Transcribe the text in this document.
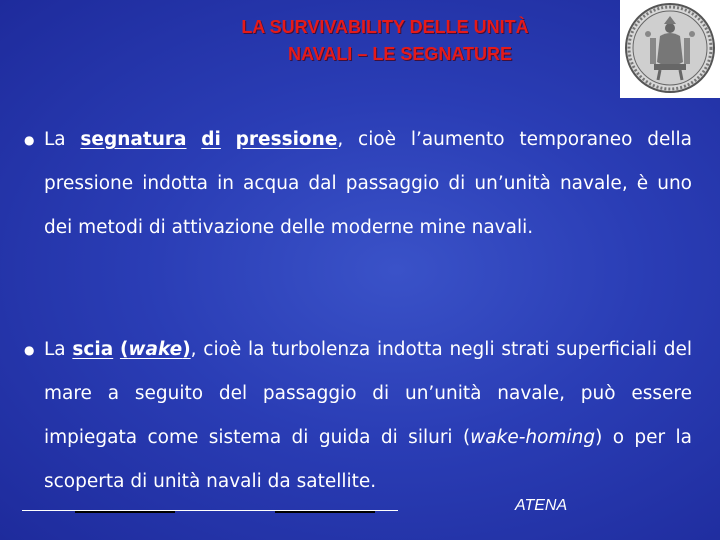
LA SURVIVABILITY DELLE UNITÀ
NAVALI – LE SEGNATURE
● La segnatura di pressione, cioè l’aumento temporaneo della pressione indotta in acqua dal passaggio di un’unità navale, è uno dei metodi di attivazione delle moderne mine navali.
● La scia (wake), cioè la turbolenza indotta negli strati superficiali del mare a seguito del passaggio di un’unità navale, può essere impiegata come sistema di guida di siluri (wake-homing) o per la scoperta di unità navali da satellite.
ATENA
